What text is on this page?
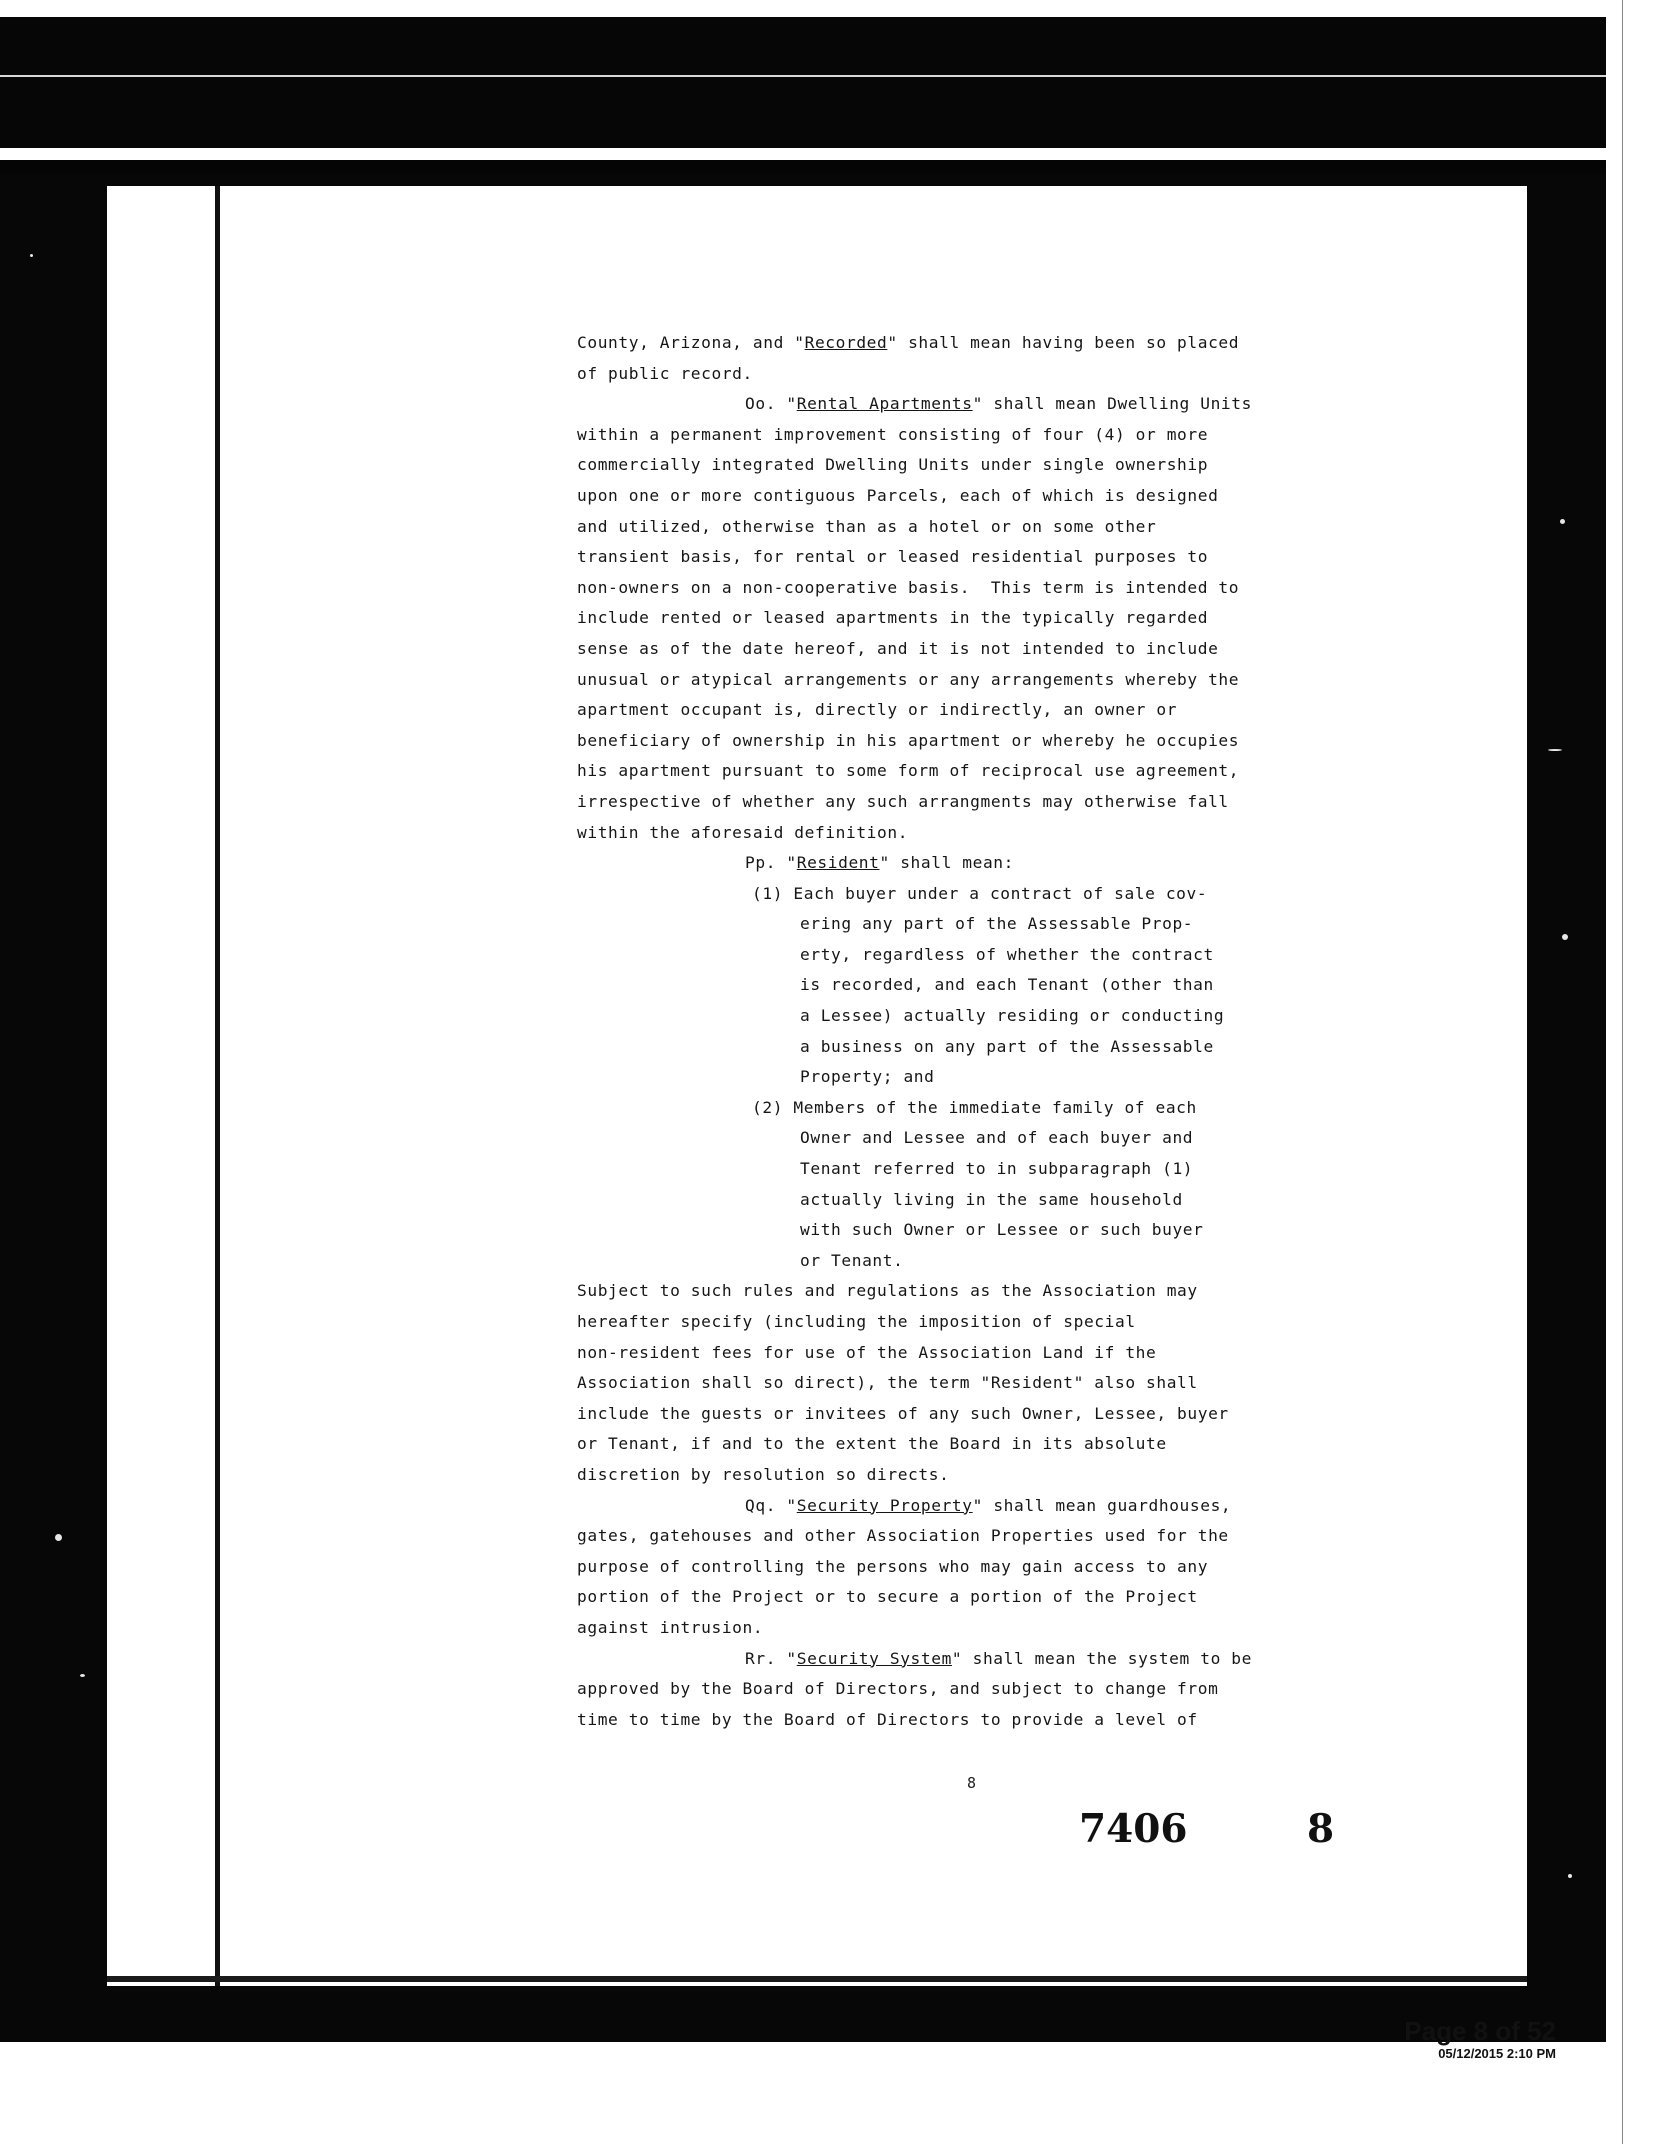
County, Arizona, and "Recorded" shall mean having been so placed
of public record.
Oo. "Rental Apartments" shall mean Dwelling Units
within a permanent improvement consisting of four (4) or more
commercially integrated Dwelling Units under single ownership
upon one or more contiguous Parcels, each of which is designed
and utilized, otherwise than as a hotel or on some other
transient basis, for rental or leased residential purposes to
non-owners on a non-cooperative basis.  This term is intended to
include rented or leased apartments in the typically regarded
sense as of the date hereof, and it is not intended to include
unusual or atypical arrangements or any arrangements whereby the
apartment occupant is, directly or indirectly, an owner or
beneficiary of ownership in his apartment or whereby he occupies
his apartment pursuant to some form of reciprocal use agreement,
irrespective of whether any such arrangments may otherwise fall
within the aforesaid definition.
Pp. "Resident" shall mean:
(1) Each buyer under a contract of sale cov-
ering any part of the Assessable Prop-
erty, regardless of whether the contract
is recorded, and each Tenant (other than
a Lessee) actually residing or conducting
a business on any part of the Assessable
Property; and
(2) Members of the immediate family of each
Owner and Lessee and of each buyer and
Tenant referred to in subparagraph (1)
actually living in the same household
with such Owner or Lessee or such buyer
or Tenant.
Subject to such rules and regulations as the Association may
hereafter specify (including the imposition of special
non-resident fees for use of the Association Land if the
Association shall so direct), the term "Resident" also shall
include the guests or invitees of any such Owner, Lessee, buyer
or Tenant, if and to the extent the Board in its absolute
discretion by resolution so directs.
Qq. "Security Property" shall mean guardhouses,
gates, gatehouses and other Association Properties used for the
purpose of controlling the persons who may gain access to any
portion of the Project or to secure a portion of the Project
against intrusion.
Rr. "Security System" shall mean the system to be
approved by the Board of Directors, and subject to change from
time to time by the Board of Directors to provide a level of
8
7406	8
Page 8 of 52
05/12/2015 2:10 PM
